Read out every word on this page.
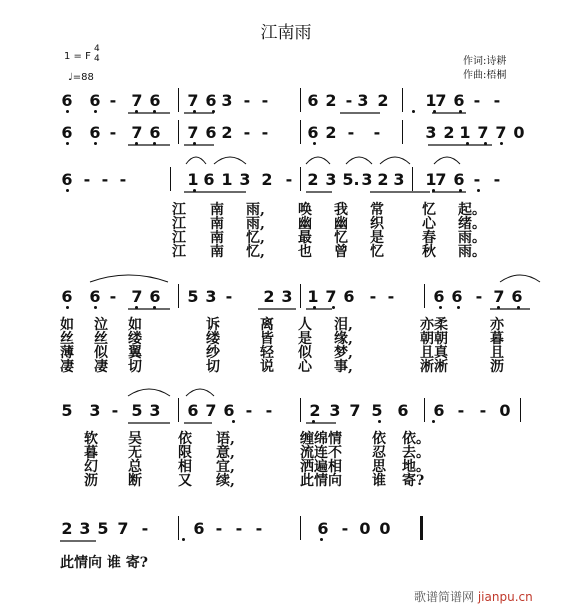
江南雨
1 = F
4
4
♩=88
作词:诗耕
作曲:梧桐
6 6 - 7 6 7 6 3 - -	6 2 - 3 2 1
7 6 - -
6 6 - 7 6 7 6 2 - -	6 2 -	-	3 2 1 7 7 0
6 - - -	1 6 1 3 2 - 2 3 5. 3 2 3 1
7 6 - -
6 6 - 7 6 5 3 -	2 3 1 7 6 - -	6 6 - 7 6
5 3 - 5 3 6 7 6 - -	2 3 7 5 6 6 - - 0
2 3 5 7 -	6 - - -	6 - 0 0
江 南 雨, 唤 我 常	忆 起。
江 南 雨, 幽 幽 织	心 绪。
江 南 忆, 最 忆 是	春 雨。
江 南 忆, 也 曾 忆	秋 雨。
如 泣 如	诉	离 人 泪,	亦柔	亦
丝 丝 缕	缕	皆 是 缘,	朝朝	暮
薄 似 翼	纱	轻 似 梦,	且真	且
凄 凄 切	切	说 心 事,	淅淅	沥
软 吴	依 语,	缠绵情 依 依。
暮 无	限 意,	流连不 忍 去。
幻 总	相 宜,	洒遍相 思 地。
沥 断	又 续,	此情向 谁 寄?
此情向 谁 寄?
歌谱简谱网 jianpu.cn
